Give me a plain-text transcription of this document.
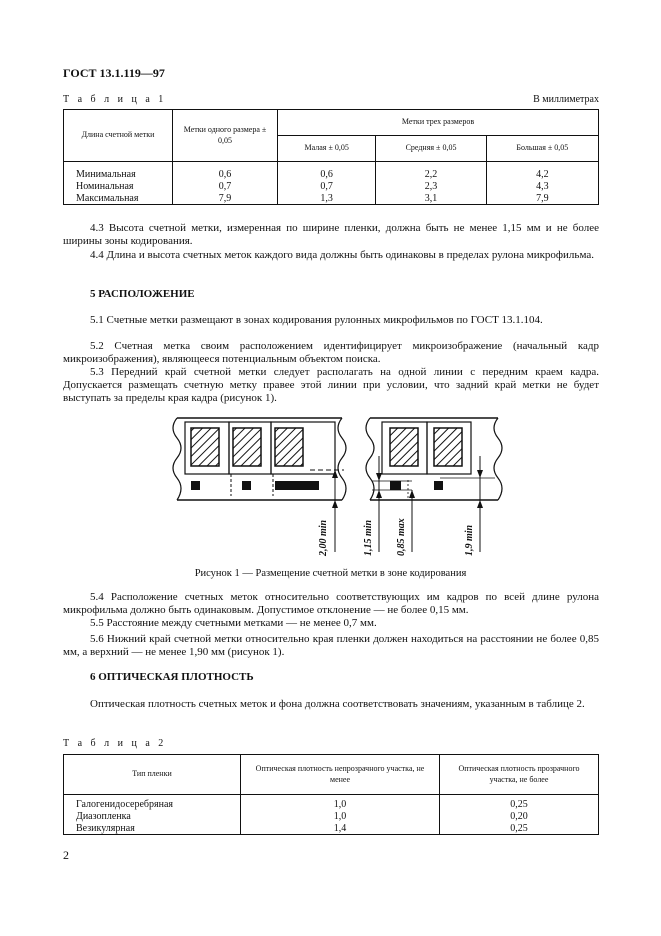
ГОСТ 13.1.119—97
Т а б л и ц а 1	В миллиметрах
Длина счетной метки	Метки одного размера ± 0,05	Метки трех размеров		
		Малая ± 0,05	Средняя ± 0,05	Большая ± 0,05

Минимальная	0,6	0,6	2,2	4,2
Номинальная	0,7	0,7	2,3	4,3
Максимальная	7,9	1,3	3,1	7,9
4.3 Высота счетной метки, измеренная по ширине пленки, должна быть не менее 1,15 мм и не более ширины зоны кодирования.
4.4 Длина и высота счетных меток каждого вида должны быть одинаковы в пределах рулона микрофильма.
5 РАСПОЛОЖЕНИЕ
5.1 Счетные метки размещают в зонах кодирования рулонных микрофильмов по ГОСТ 13.1.104.
5.2 Счетная метка своим расположением идентифицирует микроизображение (начальный кадр микроизображения), являющееся потенциальным объектом поиска.
5.3 Передний край счетной метки следует располагать на одной линии с передним краем кадра. Допускается размещать счетную метку правее этой линии при условии, что задний край метки не будет выступать за пределы края кадра (рисунок 1).
2,00 min	1,15 min 0,85 max	1,9 min
Рисунок 1 — Размещение счетной метки в зоне кодирования
5.4 Расположение счетных меток относительно соответствующих им кадров по всей длине рулона микрофильма должно быть одинаковым. Допустимое отклонение — не более 0,15 мм.
5.5 Расстояние между счетными метками — не менее 0,7 мм.
5.6 Нижний край счетной метки относительно края пленки должен находиться на расстоянии не более 0,85 мм, а верхний — не менее 1,90 мм (рисунок 1).
6 ОПТИЧЕСКАЯ ПЛОТНОСТЬ
Оптическая плотность счетных меток и фона должна соответствовать значениям, указанным в таблице 2.
Т а б л и ц а 2
Тип пленки	Оптическая плотность непрозрачного участка, не менее	Оптическая плотность прозрачного участка, не более

Галогенидосеребряная	1,0	0,25
Диазопленка	1,0	0,20
Везикулярная	1,4	0,25
2
